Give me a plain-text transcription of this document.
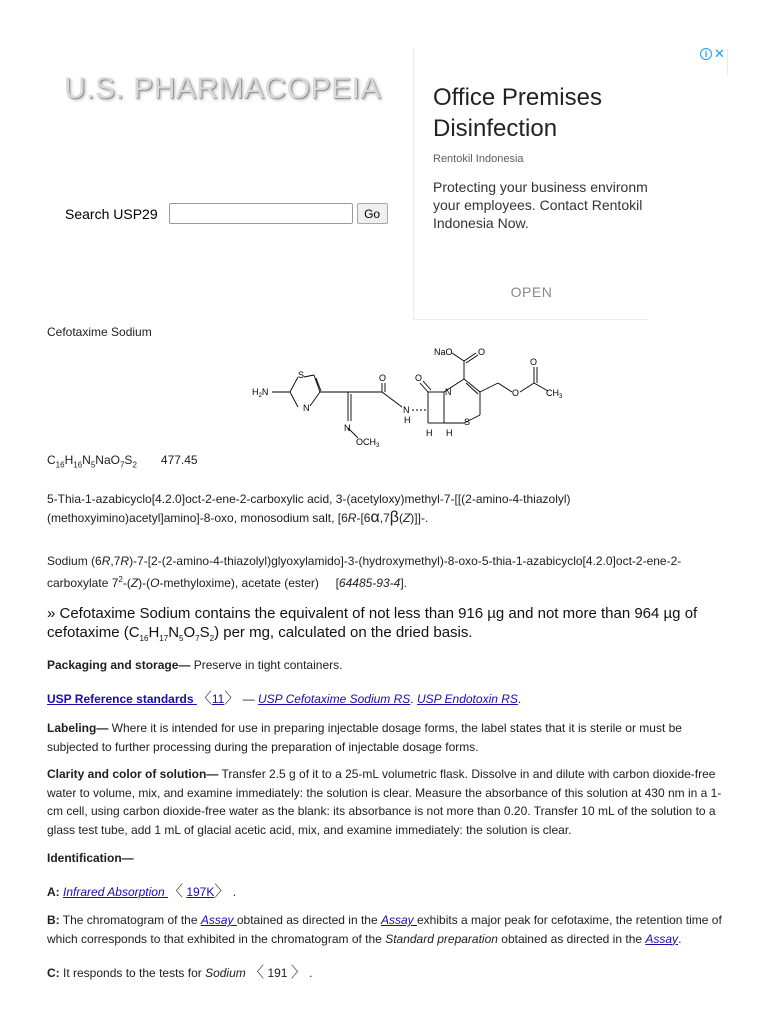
U.S. PHARMACOPEIA
Search USP29	Go
Office Premises Disinfection
Rentokil Indonesia
Protecting your business environm
your employees. Contact Rentokil
Indonesia Now.
OPEN
i ✕
Cefotaxime Sodium
NaO	O
O
O	$CH_3$
S
$H_2N$
N
O	O
N
H
N
S
H H
N
$OCH_3$
$C_{16}H_{16}N_5NaO_7S_2$ 477.45
5-Thia-1-azabicyclo[4.2.0]oct-2-ene-2-carboxylic acid, 3-(acetyloxy)methyl-7-[[(2-amino-4-thiazolyl)
(methoxyimino)acetyl]amino]-8-oxo, monosodium salt, [6R-[6α,7β(Z)]]-.
Sodium (6R,7R)-7-[2-(2-amino-4-thiazolyl)glyoxylamido]-3-(hydroxymethyl)-8-oxo-5-thia-1-azabicyclo[4.2.0]oct-2-ene-2-
carboxylate $7^2-(Z)-(O-methyloxime)$, acetate (ester) [64485-93-4].
» Cefotaxime Sodium contains the equivalent of not less than 916 µg and not more than 964 µg of
cefotaxime $(C_{16}H_{17}N_5O_7S_2)$ per mg, calculated on the dried basis.
Packaging and storage— Preserve in tight containers.
USP Reference standards 〈11〉 — USP Cefotaxime Sodium RS. USP Endotoxin RS.
Labeling— Where it is intended for use in preparing injectable dosage forms, the label states that it is sterile or must be subjected to further processing during the preparation of injectable dosage forms.
Clarity and color of solution— Transfer 2.5 g of it to a 25-mL volumetric flask. Dissolve in and dilute with carbon dioxide-free water to volume, mix, and examine immediately: the solution is clear. Measure the absorbance of this solution at 430 nm in a 1-cm cell, using carbon dioxide-free water as the blank: its absorbance is not more than 0.20. Transfer 10 mL of the solution to a glass test tube, add 1 mL of glacial acetic acid, mix, and examine immediately: the solution is clear.
Identification—
A: Infrared Absorption 〈 197K〉 .
B: The chromatogram of the Assay obtained as directed in the Assay exhibits a major peak for cefotaxime, the retention time of which corresponds to that exhibited in the chromatogram of the Standard preparation obtained as directed in the Assay.
C: It responds to the tests for Sodium 〈 191 〉 .
